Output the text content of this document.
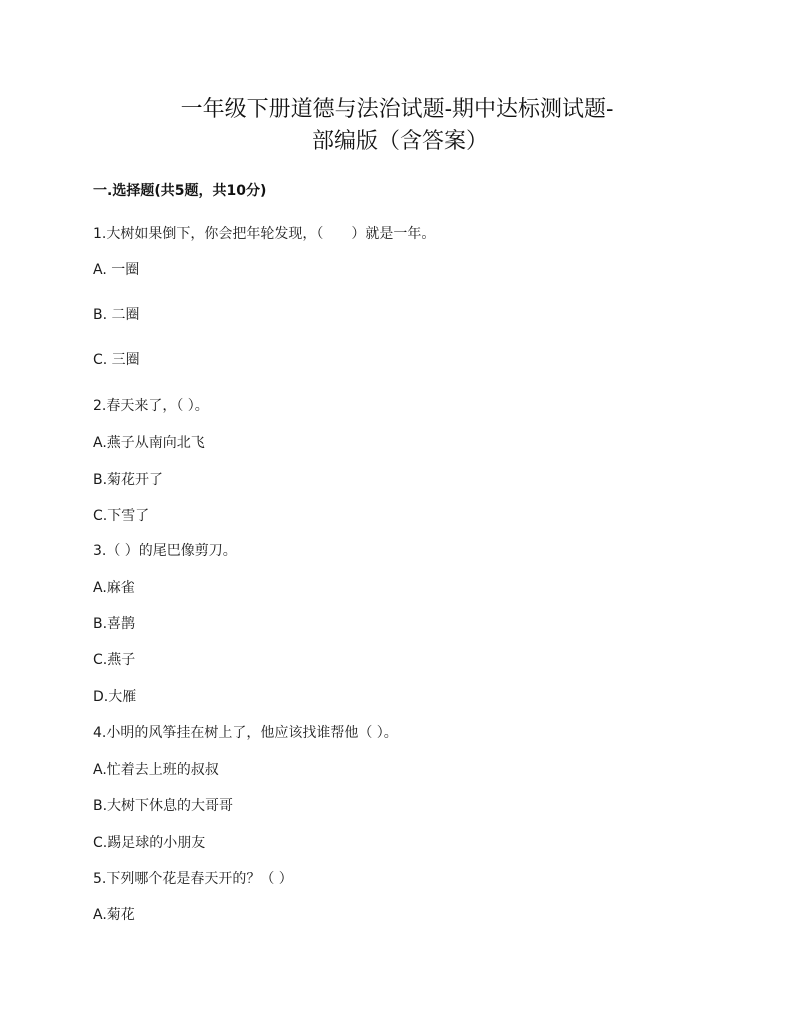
一年级下册道德与法治试题-期中达标测试题-
部编版（含答案）
一.选择题(共5题，共10分)
1.大树如果倒下，你会把年轮发现，（　　）就是一年。
A. 一圈
B. 二圈
C. 三圈
2.春天来了，（ ）。
A.燕子从南向北飞
B.菊花开了
C.下雪了
3.（ ）的尾巴像剪刀。
A.麻雀
B.喜鹊
C.燕子
D.大雁
4.小明的风筝挂在树上了，他应该找谁帮他（ ）。
A.忙着去上班的叔叔
B.大树下休息的大哥哥
C.踢足球的小朋友
5.下列哪个花是春天开的？（ ）
A.菊花
